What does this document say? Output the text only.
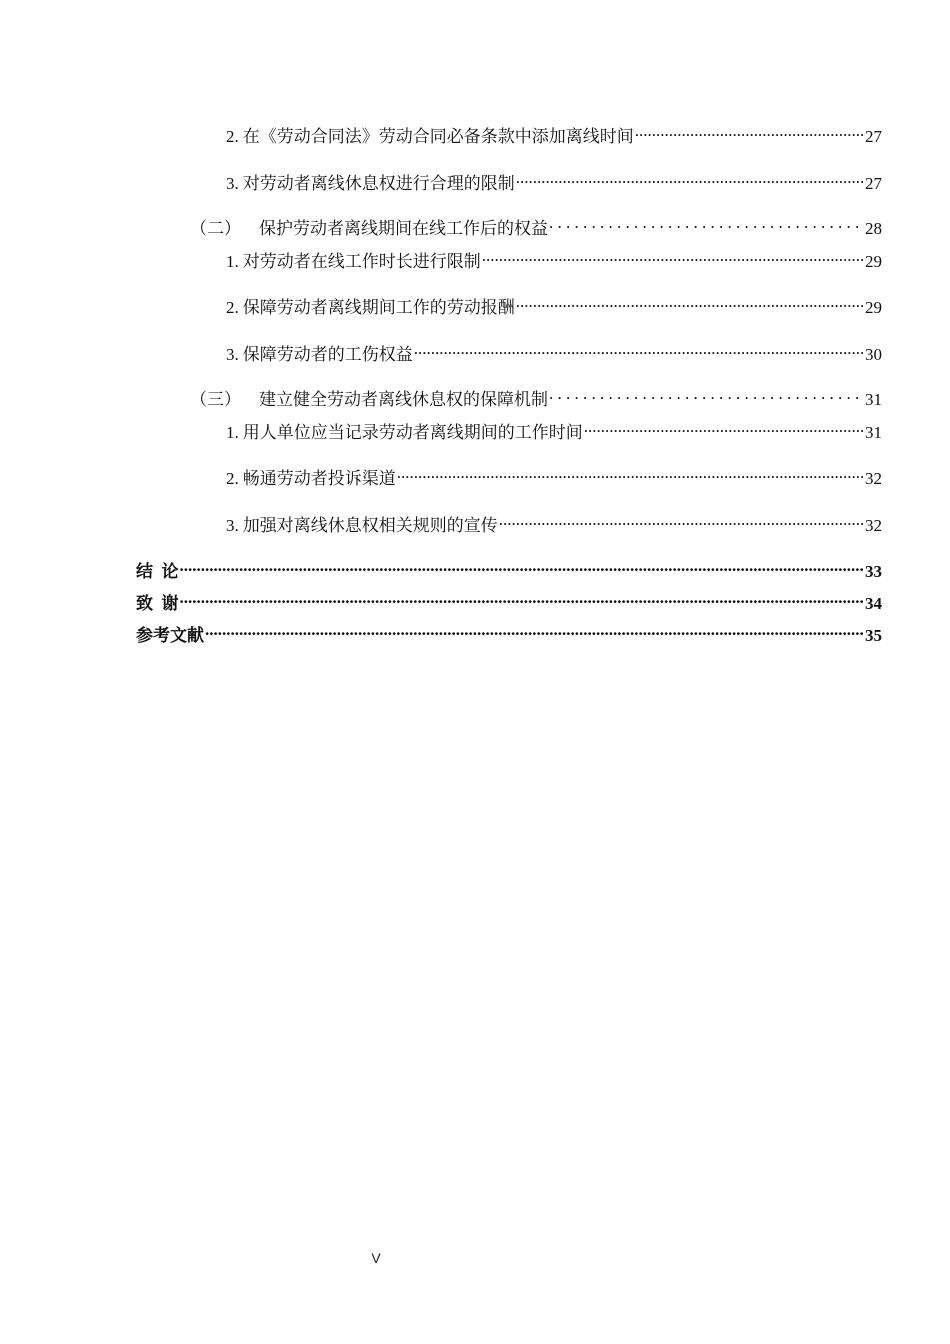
2. 在《劳动合同法》劳动合同必备条款中添加离线时间 .....	27
3. 对劳动者离线休息权进行合理的限制 .....	27
（二） 保护劳动者离线期间在线工作后的权益 . . .	28
1. 对劳动者在线工作时长进行限制 .....	29
2. 保障劳动者离线期间工作的劳动报酬 .....	29
3. 保障劳动者的工伤权益 .....	30
（三） 建立健全劳动者离线休息权的保障机制 . . .	31
1. 用人单位应当记录劳动者离线期间的工作时间 .....	31
2. 畅通劳动者投诉渠道 .....	32
3. 加强对离线休息权相关规则的宣传 .....	32
结  论 .....	33
致  谢 .....	34
参考文献 .....	35
V
